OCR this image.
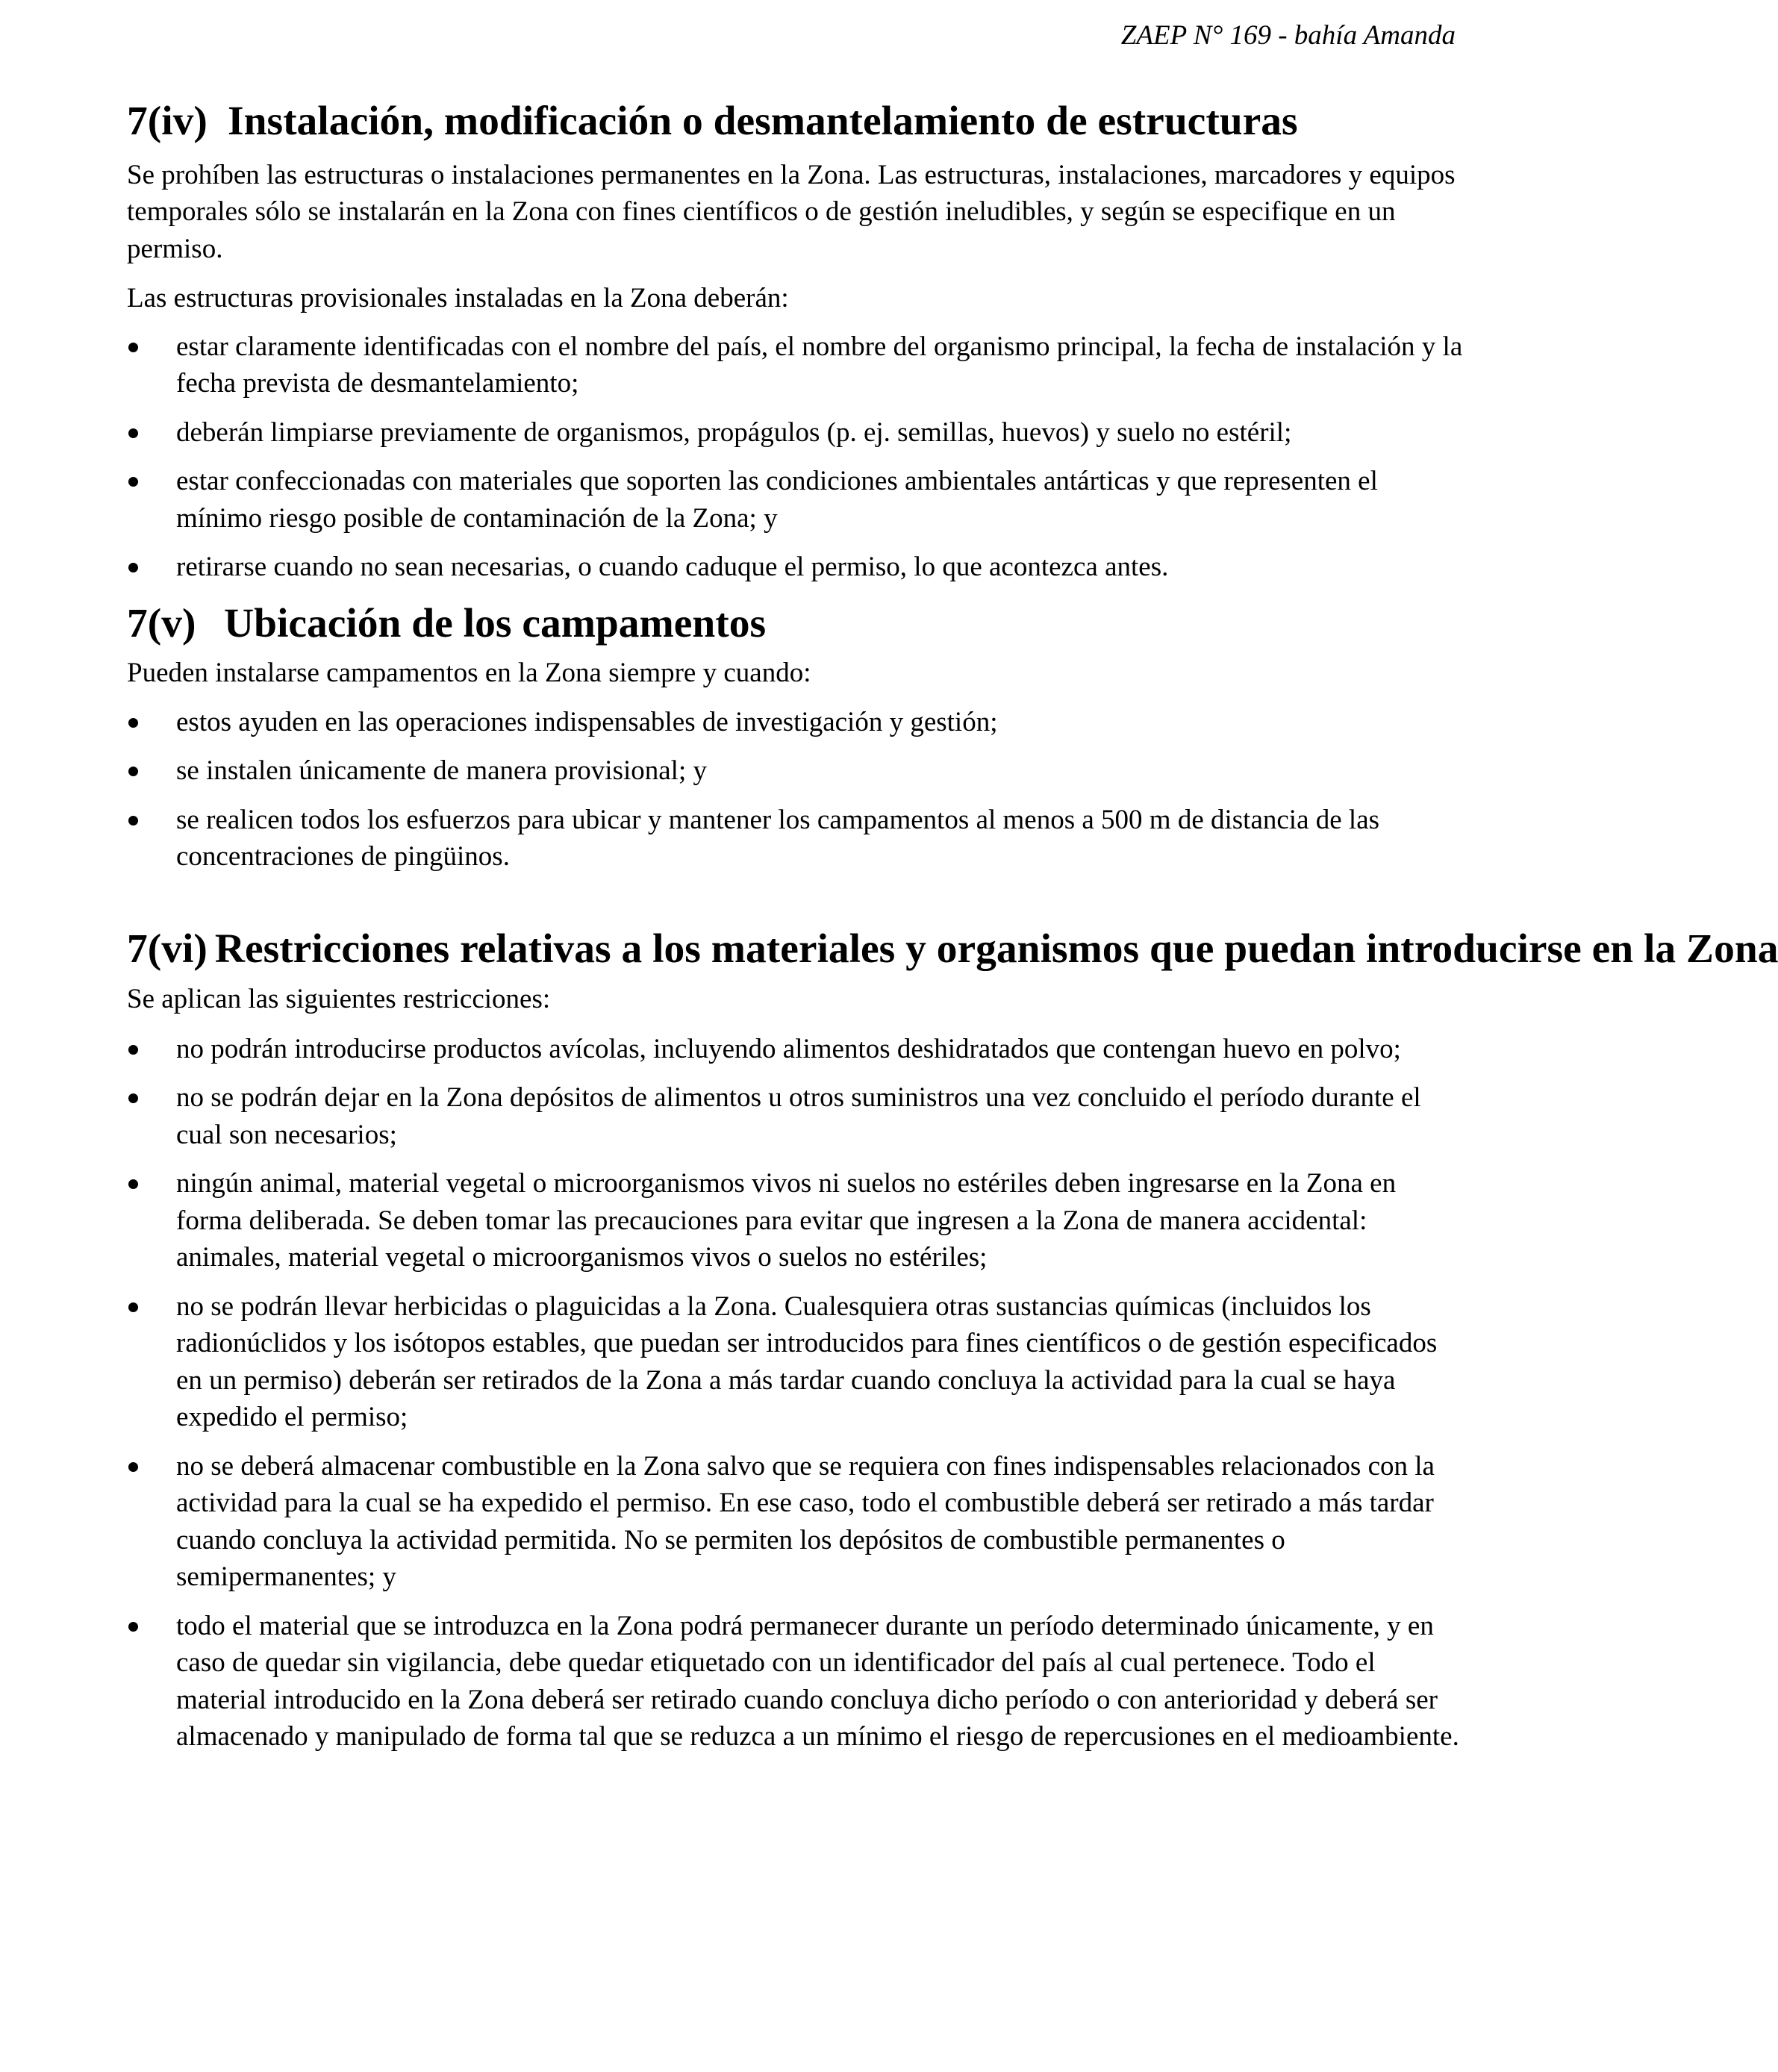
ZAEP N° 169 - bahía Amanda
7(iv) Instalación, modificación o desmantelamiento de estructuras

Se prohíben las estructuras o instalaciones permanentes en la Zona. Las estructuras, instalaciones, marcadores y equipos temporales sólo se instalarán en la Zona con fines científicos o de gestión ineludibles, y según se especifique en un permiso.

Las estructuras provisionales instaladas en la Zona deberán:

estar claramente identificadas con el nombre del país, el nombre del organismo principal, la fecha de instalación y la fecha prevista de desmantelamiento;
deberán limpiarse previamente de organismos, propágulos (p. ej. semillas, huevos) y suelo no estéril;
estar confeccionadas con materiales que soporten las condiciones ambientales antárticas y que representen el mínimo riesgo posible de contaminación de la Zona; y
retirarse cuando no sean necesarias, o cuando caduque el permiso, lo que acontezca antes.
7(v) Ubicación de los campamentos

Pueden instalarse campamentos en la Zona siempre y cuando:

estos ayuden en las operaciones indispensables de investigación y gestión;
se instalen únicamente de manera provisional; y
se realicen todos los esfuerzos para ubicar y mantener los campamentos al menos a 500 m de distancia de las concentraciones de pingüinos.
7(vi) Restricciones relativas a los materiales y organismos que puedan introducirse en la Zona

Se aplican las siguientes restricciones:

no podrán introducirse productos avícolas, incluyendo alimentos deshidratados que contengan huevo en polvo;
no se podrán dejar en la Zona depósitos de alimentos u otros suministros una vez concluido el período durante el cual son necesarios;
ningún animal, material vegetal o microorganismos vivos ni suelos no estériles deben ingresarse en la Zona en forma deliberada. Se deben tomar las precauciones para evitar que ingresen a la Zona de manera accidental: animales, material vegetal o microorganismos vivos o suelos no estériles;
no se podrán llevar herbicidas o plaguicidas a la Zona. Cualesquiera otras sustancias químicas (incluidos los radionúclidos y los isótopos estables, que puedan ser introducidos para fines científicos o de gestión especificados en un permiso) deberán ser retirados de la Zona a más tardar cuando concluya la actividad para la cual se haya expedido el permiso;
no se deberá almacenar combustible en la Zona salvo que se requiera con fines indispensables relacionados con la actividad para la cual se ha expedido el permiso. En ese caso, todo el combustible deberá ser retirado a más tardar cuando concluya la actividad permitida. No se permiten los depósitos de combustible permanentes o semipermanentes; y
todo el material que se introduzca en la Zona podrá permanecer durante un período determinado únicamente, y en caso de quedar sin vigilancia, debe quedar etiquetado con un identificador del país al cual pertenece. Todo el material introducido en la Zona deberá ser retirado cuando concluya dicho período o con anterioridad y deberá ser almacenado y manipulado de forma tal que se reduzca a un mínimo el riesgo de repercusiones en el medioambiente.
